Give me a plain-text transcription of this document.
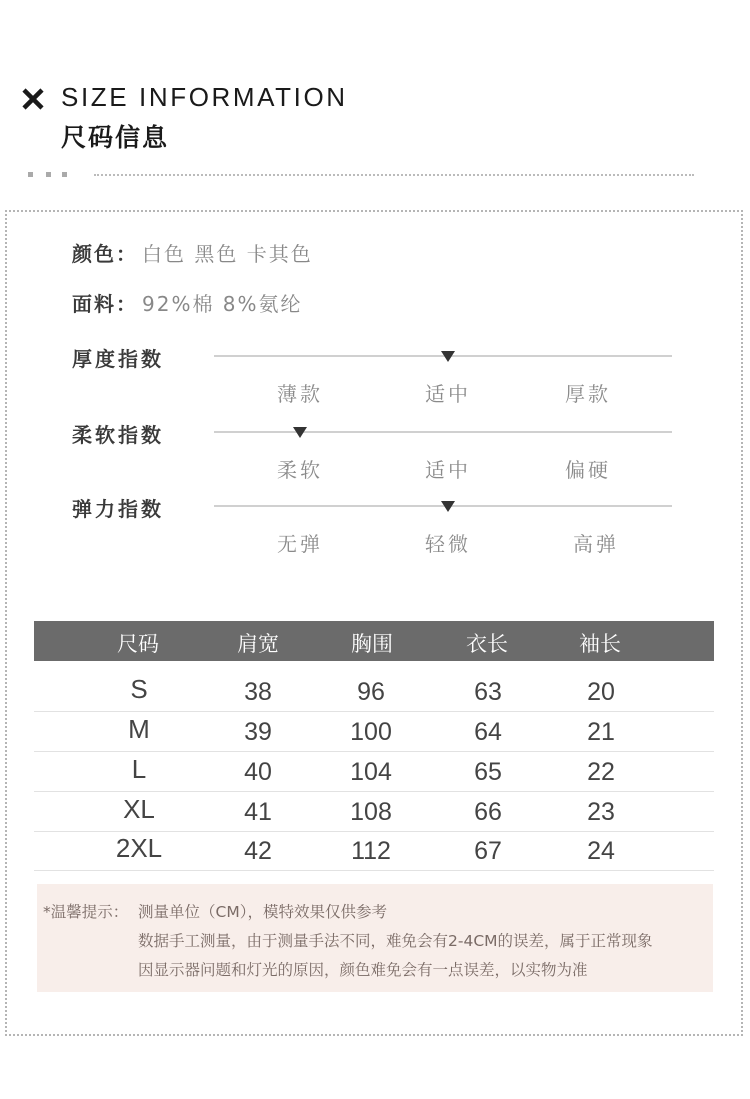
SIZE INFORMATION
尺码信息
颜色： 白色 黑色 卡其色
面料： 92%棉 8%氨纶
厚度指数
薄款	适中	厚款
柔软指数
柔软	适中	偏硬
弹力指数
无弹	轻微	高弹
尺码	肩宽	胸围	衣长	袖长
S	38	96	63	20
M	39	100	64	21
L	40	104	65	22
XL	41	108	66	23
2XL	42	112	67	24
*温馨提示： 测量单位（CM），模特效果仅供参考
数据手工测量，由于测量手法不同，难免会有2-4CM的误差，属于正常现象
因显示器问题和灯光的原因，颜色难免会有一点误差，以实物为准
